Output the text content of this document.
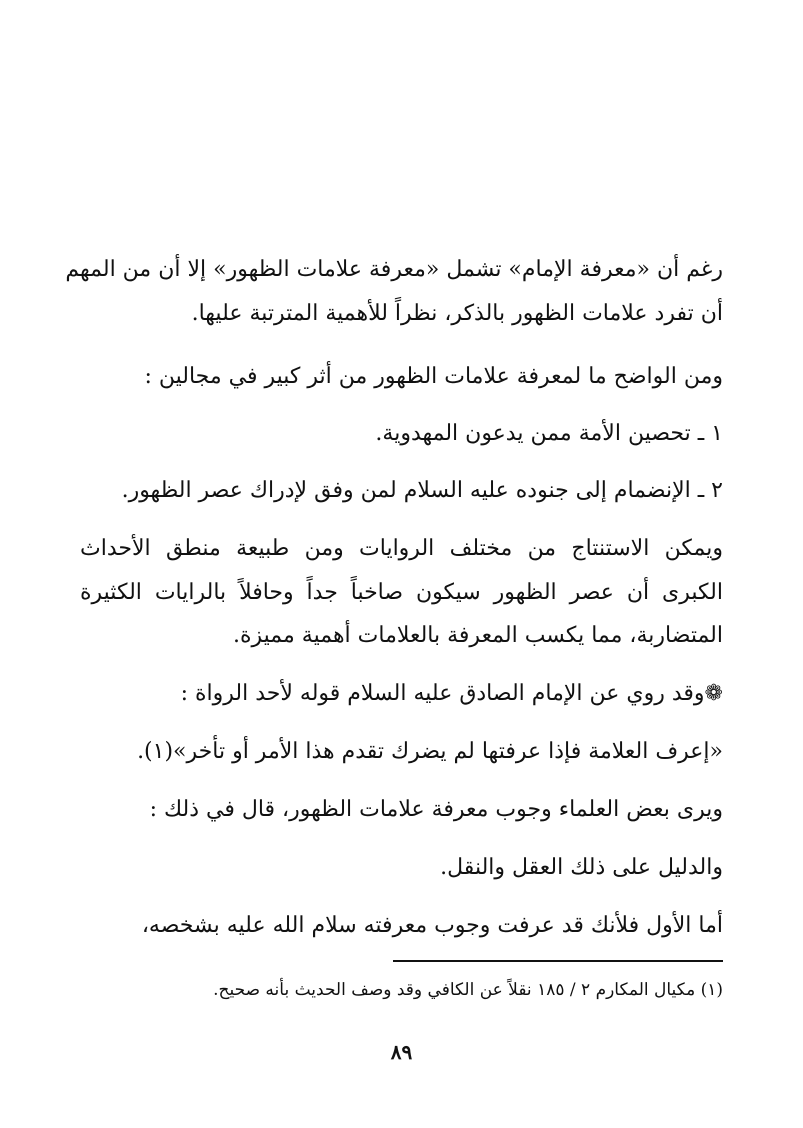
رغم أن «معرفة الإمام» تشمل «معرفة علامات الظهور» إلا أن من المهم
أن تفرد علامات الظهور بالذكر، نظراً للأهمية المترتبة عليها.
ومن الواضح ما لمعرفة علامات الظهور من أثر كبير في مجالين :
١ ـ تحصين الأمة ممن يدعون المهدوية.
٢ ـ الإنضمام إلى جنوده عليه السلام لمن وفق لإدراك عصر الظهور.
ويمكن الاستنتاج من مختلف الروايات ومن طبيعة منطق الأحداث
الكبرى أن عصر الظهور سيكون صاخباً جداً وحافلاً بالرايات الكثيرة
المتضاربة، مما يكسب المعرفة بالعلامات أهمية مميزة.
❁وقد روي عن الإمام الصادق عليه السلام قوله لأحد الرواة :
«إعرف العلامة فإذا عرفتها لم يضرك تقدم هذا الأمر أو تأخر»(١).
ويرى بعض العلماء وجوب معرفة علامات الظهور، قال في ذلك :
والدليل على ذلك العقل والنقل.
أما الأول فلأنك قد عرفت وجوب معرفته سلام الله عليه بشخصه،
(١) مكيال المكارم ٢ / ١٨٥ نقلاً عن الكافي وقد وصف الحديث بأنه صحيح.
٨٩
